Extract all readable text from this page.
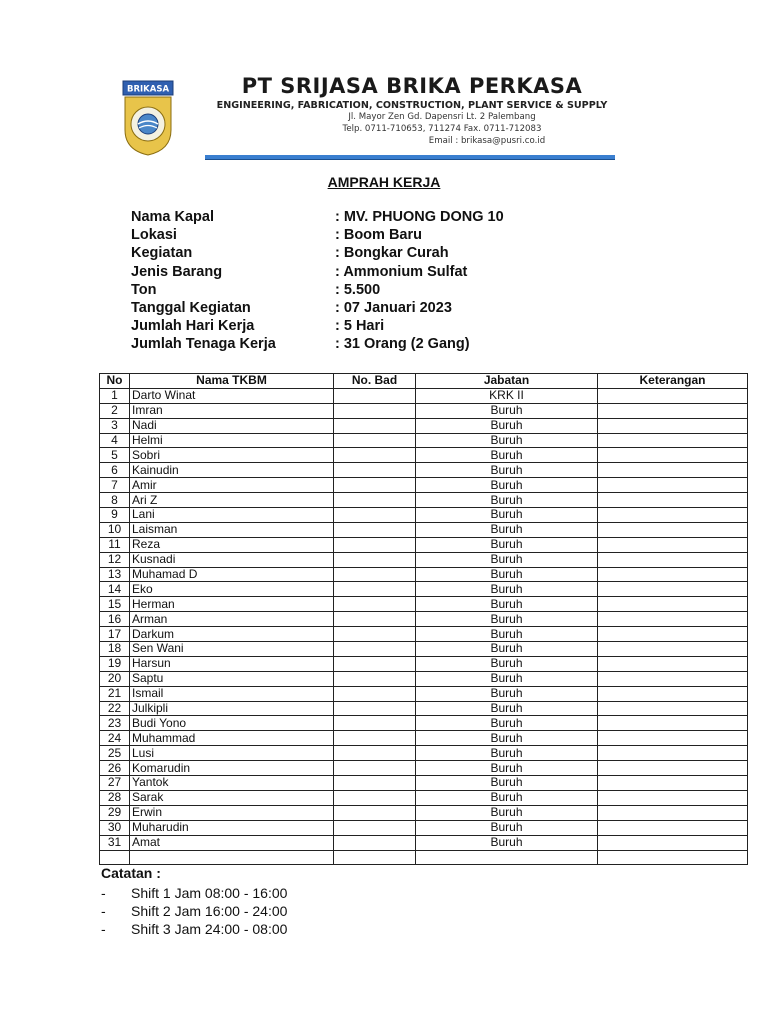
BRIKASA	PT SRIJASA BRIKA PERKASA
ENGINEERING, FABRICATION, CONSTRUCTION, PLANT SERVICE & SUPPLY
Jl. Mayor Zen Gd. Dapensri Lt. 2 Palembang
Telp. 0711-710653, 711274 Fax. 0711-712083
Email : brikasa@pusri.co.id
AMPRAH KERJA
Nama Kapal	: MV. PHUONG DONG 10
Lokasi	: Boom Baru
Kegiatan	: Bongkar Curah
Jenis Barang	: Ammonium Sulfat
Ton	: 5.500
Tanggal Kegiatan	: 07 Januari 2023
Jumlah Hari Kerja	: 5 Hari
Jumlah Tenaga Kerja	: 31 Orang (2 Gang)
No	Nama TKBM	No. Bad	Jabatan	Keterangan
1	Darto Winat		KRK II	
2	Imran		Buruh	
3	Nadi		Buruh	
4	Helmi		Buruh	
5	Sobri		Buruh	
6	Kainudin		Buruh	
7	Amir		Buruh	
8	Ari Z		Buruh	
9	Lani		Buruh	
10	Laisman		Buruh	
11	Reza		Buruh	
12	Kusnadi		Buruh	
13	Muhamad D		Buruh	
14	Eko		Buruh	
15	Herman		Buruh	
16	Arman		Buruh	
17	Darkum		Buruh	
18	Sen Wani		Buruh	
19	Harsun		Buruh	
20	Saptu		Buruh	
21	Ismail		Buruh	
22	Julkipli		Buruh	
23	Budi Yono		Buruh	
24	Muhammad		Buruh	
25	Lusi		Buruh	
26	Komarudin		Buruh	
27	Yantok		Buruh	
28	Sarak		Buruh	
29	Erwin		Buruh	
30	Muharudin		Buruh	
31	Amat		Buruh	

Catatan :
- Shift 1 Jam 08:00 - 16:00
- Shift 2 Jam 16:00 - 24:00
- Shift 3 Jam 24:00 - 08:00
